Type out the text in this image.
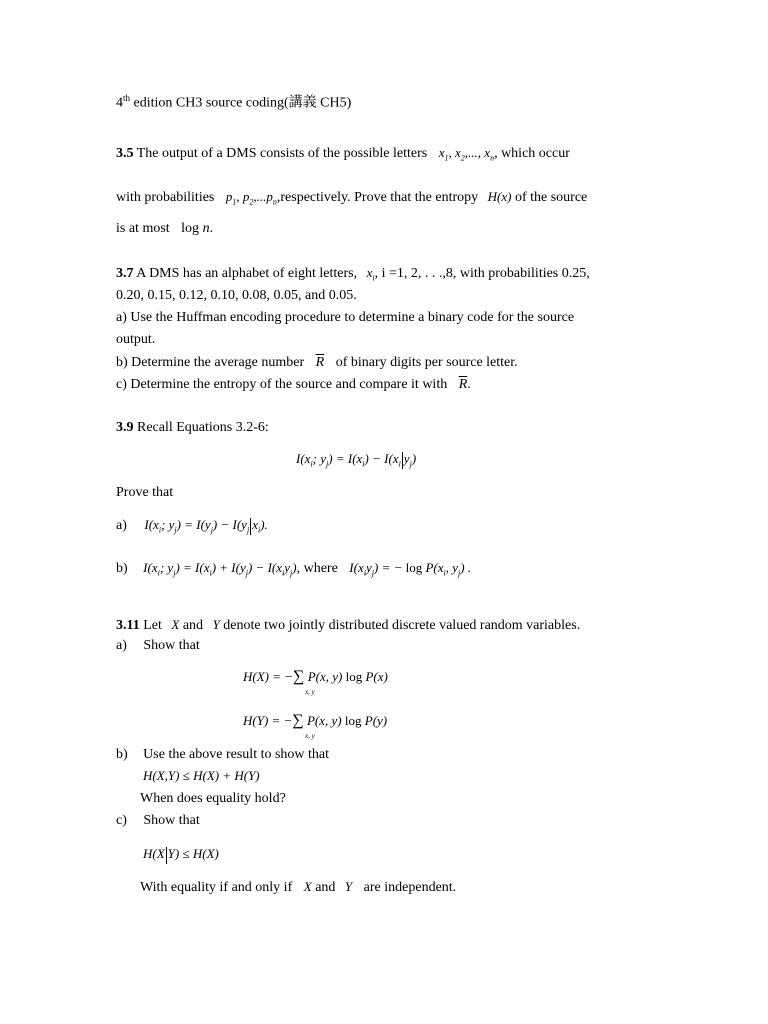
4th edition CH3 source coding(講義 CH5)
3.5 The output of a DMS consists of the possible letters $x_1$, $x_2$,..., $x_n$, which occur
with probabilities $p_1$, $p_2,...p_n,respectively$. Prove that the entropy H(x) of the source
is at most log n.
3.7 A DMS has an alphabet of eight letters, $x_i$, i =1, 2, . . .,8, with probabilities 0.25,
0.20, 0.15, 0.12, 0.10, 0.08, 0.05, and 0.05.
a) Use the Huffman encoding procedure to determine a binary code for the source
output.
b) Determine the average number $\overline{R}$ of binary digits per source letter.
c) Determine the entropy of the source and compare it with $\overline{R}$.
3.9 Recall Equations 3.2-6:
$I(x_i$; $y_j) = I(x_i) - I(x_i$ $y_j$)
Prove that
a) $I(x_i$; $y_j) = I(y_j) - I(y_j$ $x_i$).
b) $I(x_i$; $y_j) = I(x_i) + I(y_j) - I(x_iy_j)$, where $I(x_iy_j)$ = − $\log P(x_i$, $y_j$) .
3.11 Let X and Y denote two jointly distributed discrete valued random variables.
a) Show that
H(X) = −∑ P(x, y) log P(x)
x, y
H(Y) = −∑ P(x, y) log P(y)
x, y
b) Use the above result to show that
H(X,Y) ≤ H(X) + H(Y)
When does equality hold?
c) Show that
H(X Y) ≤ H(X)
With equality if and only if X and Y are independent.
